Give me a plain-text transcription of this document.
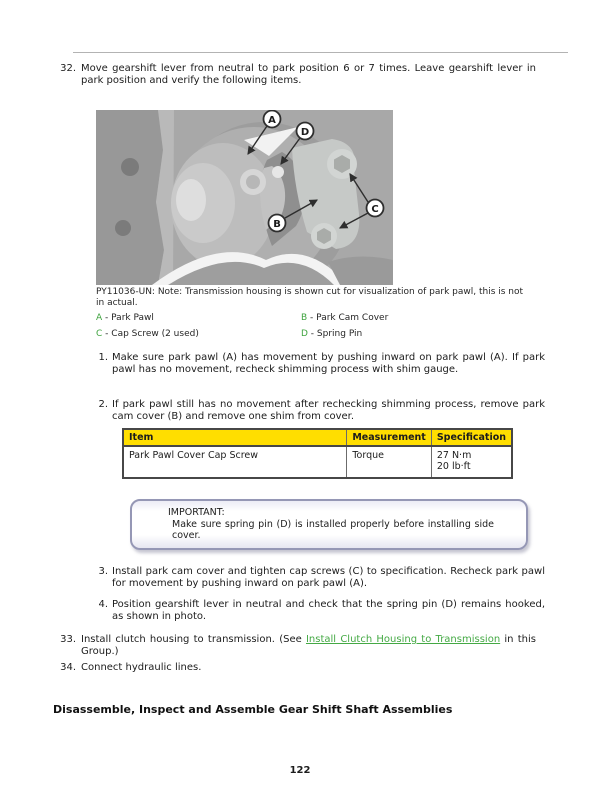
32. Move gearshift lever from neutral to park position 6 or 7 times. Leave gearshift lever in park position and verify the following items.

A
D
B
C

PY11036-UN: Note: Transmission housing is shown cut for visualization of park pawl, this is not in actual.

A - Park Pawl	B - Park Cam Cover
C - Cap Screw (2 used)	D - Spring Pin
1. Make sure park pawl (A) has movement by pushing inward on park pawl (A). If park pawl has no movement, recheck shimming process with shim gauge.

2. If park pawl still has no movement after rechecking shimming process, remove park cam cover (B) and remove one shim from cover.

Item	Measurement	Specification
Park Pawl Cover Cap Screw	Torque	27 N·m
20 lb·ft
IMPORTANT:

Make sure spring pin (D) is installed properly before installing side cover.

3. Install park cam cover and tighten cap screws (C) to specification. Recheck park pawl for movement by pushing inward on park pawl (A).

4. Position gearshift lever in neutral and check that the spring pin (D) remains hooked, as shown in photo.

33. Install clutch housing to transmission. (See Install Clutch Housing to Transmission in this Group.)

34. Connect hydraulic lines.

Disassemble, Inspect and Assemble Gear Shift Shaft Assemblies
122
